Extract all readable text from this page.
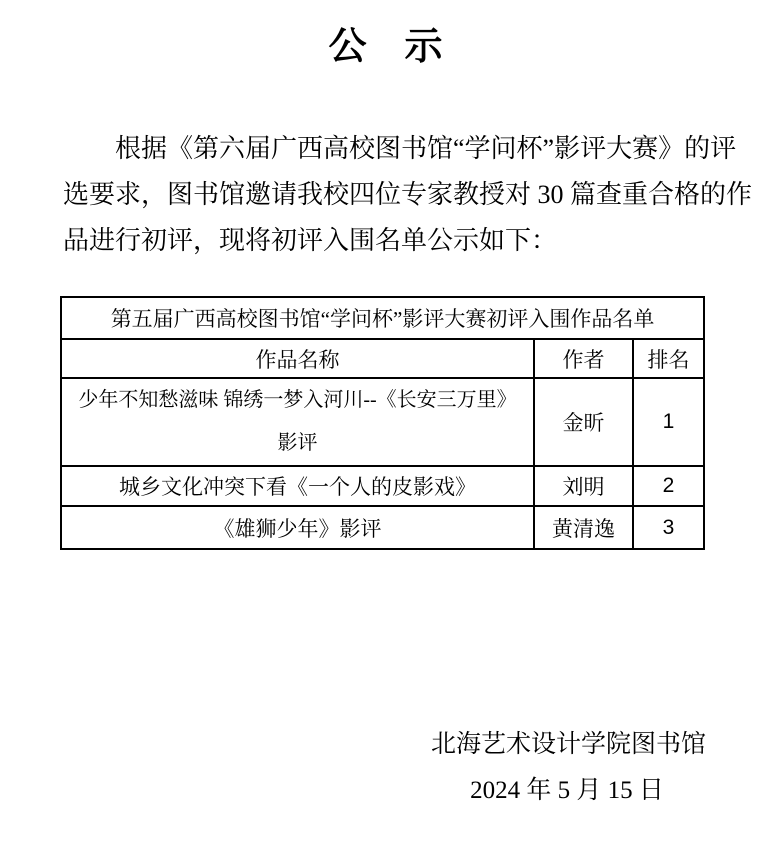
公　示
根据《第六届广西高校图书馆“学问杯”影评大赛》的评
选要求，图书馆邀请我校四位专家教授对 30 篇查重合格的作
品进行初评，现将初评入围名单公示如下：
第五届广西高校图书馆“学问杯”影评大赛初评入围作品名单		
作品名称	作者	排名

少年不知愁滋味 锦绣一梦入河川--《长安三万里》
影评	金昕	1
城乡文化冲突下看《一个人的皮影戏》	刘明	2
《雄狮少年》影评	黄清逸	3
北海艺术设计学院图书馆
2024 年 5 月 15 日
